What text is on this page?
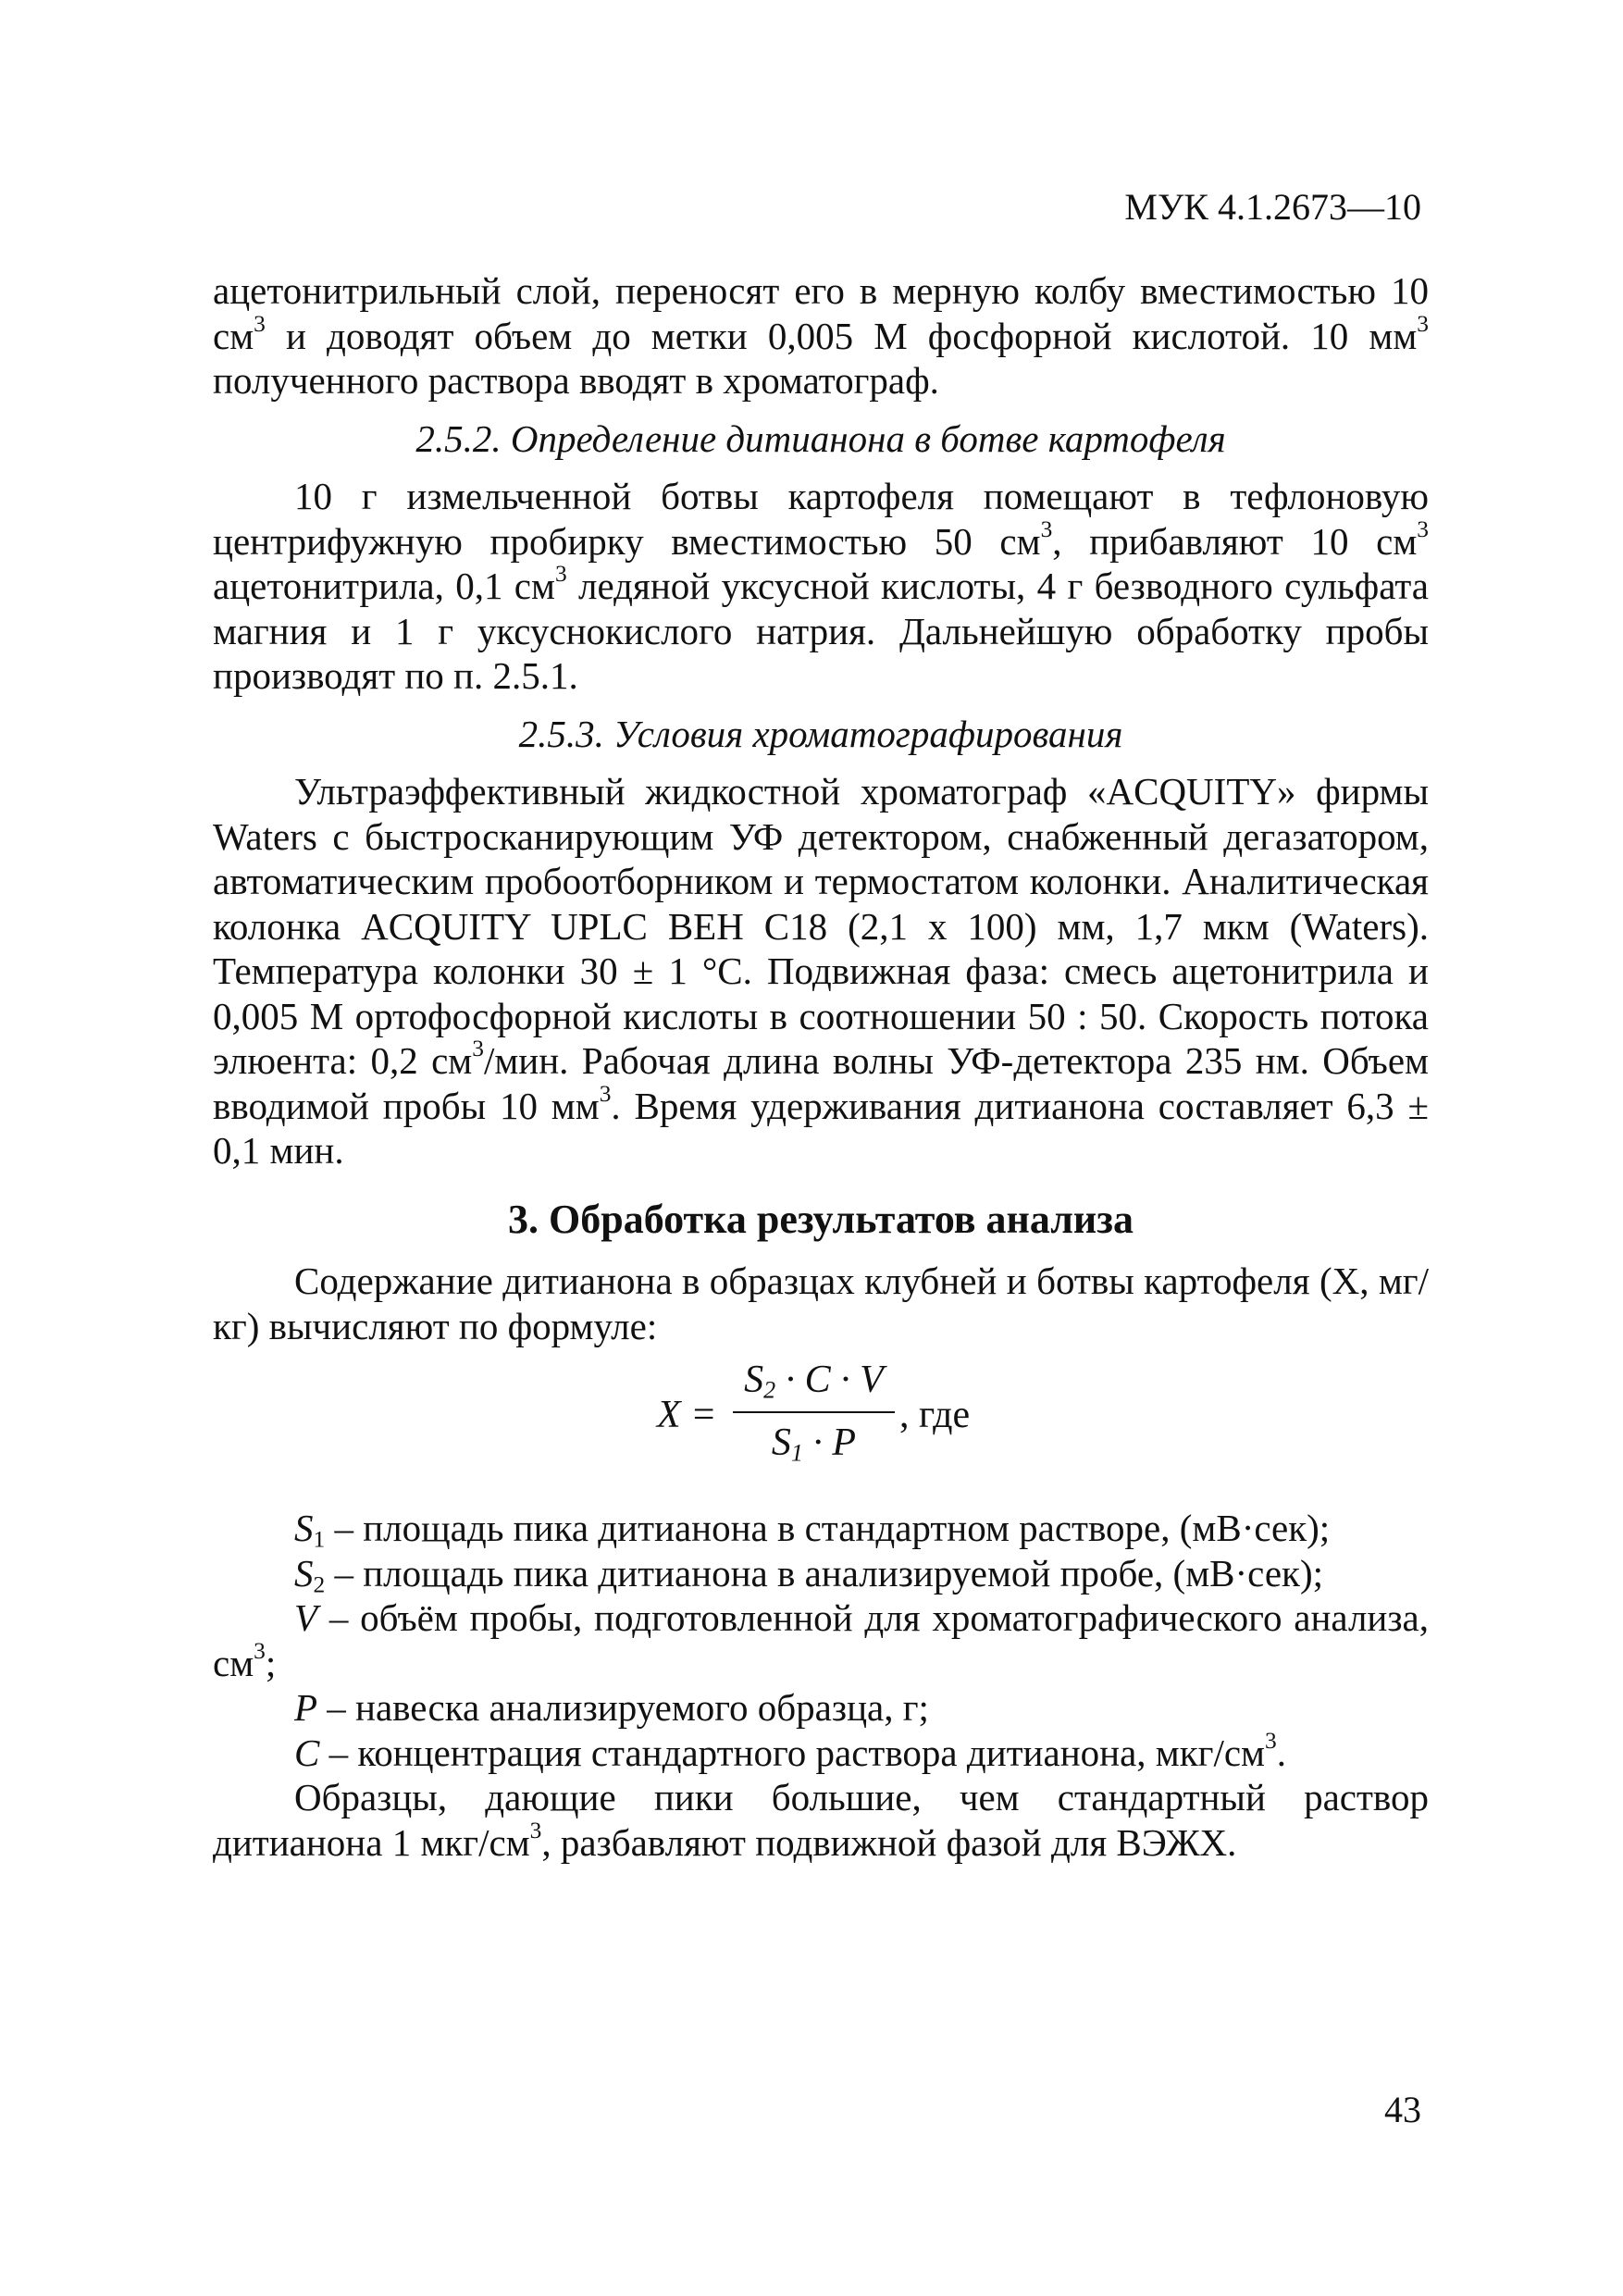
МУК 4.1.2673—10

ацетонитрильный слой, переносят его в мерную колбу вместимостью 10 $см^3$ и доводят объем до метки 0,005 М фосфорной кислотой. 10 $мм^3$ полученного раствора вводят в хроматограф.

2.5.2. Определение дитианона в ботве картофеля

10 г измельченной ботвы картофеля помещают в тефлоновую центрифужную пробирку вместимостью 50 $см^3$, прибавляют 10 $см^3$ ацетонитрила, 0,1 $см^3$ ледяной уксусной кислоты, 4 г безводного сульфата магния и 1 г уксуснокислого натрия. Дальнейшую обработку пробы производят по п. 2.5.1.

2.5.3. Условия хроматографирования

Ультраэффективный жидкостной хроматограф «ACQUITY» фирмы Waters с быстросканирующим УФ детектором, снабженный дегазатором, автоматическим пробоотборником и термостатом колонки. Аналитическая колонка ACQUITY UPLC BEH C18 (2,1 x 100) мм, 1,7 мкм (Waters). Температура колонки 30 ± 1 °С. Подвижная фаза: смесь ацетонитрила и 0,005 М ортофосфорной кислоты в соотношении 50 : 50. Скорость потока элюента: 0,2 $см^3$/мин. Рабочая длина волны УФ-детектора 235 нм. Объем вводимой пробы 10 $мм^3$. Время удерживания дитианона составляет 6,3 ± 0,1 мин.

3. Обработка результатов анализа

Содержание дитианона в образцах клубней и ботвы картофеля (Х, мг/кг) вычисляют по формуле:

$X = \frac{S_2 \cdot C \cdot V}{S_1 \cdot P}$ , где

$S_1$ – площадь пика дитианона в стандартном растворе, (мВ·сек);

$S_2$ – площадь пика дитианона в анализируемой пробе, (мВ·сек);

V – объём пробы, подготовленной для хроматографического анализа, $см^3$;

P – навеска анализируемого образца, г;

C – концентрация стандартного раствора дитианона, мкг/$см^3$.

Образцы, дающие пики большие, чем стандартный раствор дитианона 1 мкг/$см^3$, разбавляют подвижной фазой для ВЭЖХ.

43
